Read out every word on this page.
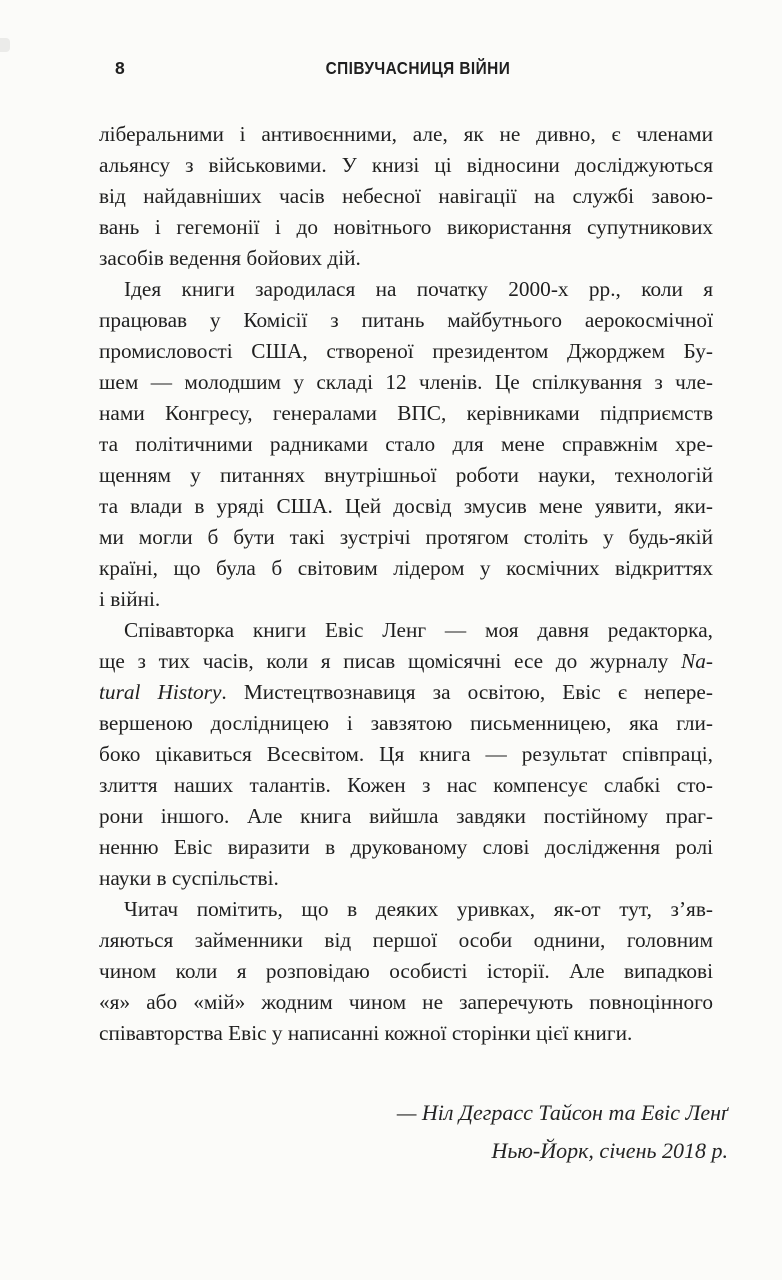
8	СПІВУЧАСНИЦЯ ВІЙНИ
ліберальними і антивоєнними, але, як не дивно, є членами
альянсу з військовими. У книзі ці відносини досліджуються
від найдавніших часів небесної навігації на службі завою-
вань і гегемонії і до новітнього використання супутникових
засобів ведення бойових дій.
Ідея книги зародилася на початку 2000-х рр., коли я
працював у Комісії з питань майбутнього аерокосмічної
промисловості США, створеної президентом Джорджем Бу-
шем — молодшим у складі 12 членів. Це спілкування з чле-
нами Конгресу, генералами ВПС, керівниками підприємств
та політичними радниками стало для мене справжнім хре-
щенням у питаннях внутрішньої роботи науки, технологій
та влади в уряді США. Цей досвід змусив мене уявити, яки-
ми могли б бути такі зустрічі протягом століть у будь-якій
країні, що була б світовим лідером у космічних відкриттях
і війні.
Співавторка книги Евіс Ленг — моя давня редакторка,
ще з тих часів, коли я писав щомісячні есе до журналу Na-
tural History. Мистецтвознавиця за освітою, Евіс є непере-
вершеною дослідницею і завзятою письменницею, яка гли-
боко цікавиться Всесвітом. Ця книга — результат співпраці,
злиття наших талантів. Кожен з нас компенсує слабкі сто-
рони іншого. Але книга вийшла завдяки постійному праг-
ненню Евіс виразити в друкованому слові дослідження ролі
науки в суспільстві.
Читач помітить, що в деяких уривках, як-от тут, з’яв-
ляються займенники від першої особи однини, головним
чином коли я розповідаю особисті історії. Але випадкові
«я» або «мій» жодним чином не заперечують повноцінного
співавторства Евіс у написанні кожної сторінки цієї книги.
— Ніл Деграсс Тайсон та Евіс Ленґ
Нью-Йорк, січень 2018 р.
